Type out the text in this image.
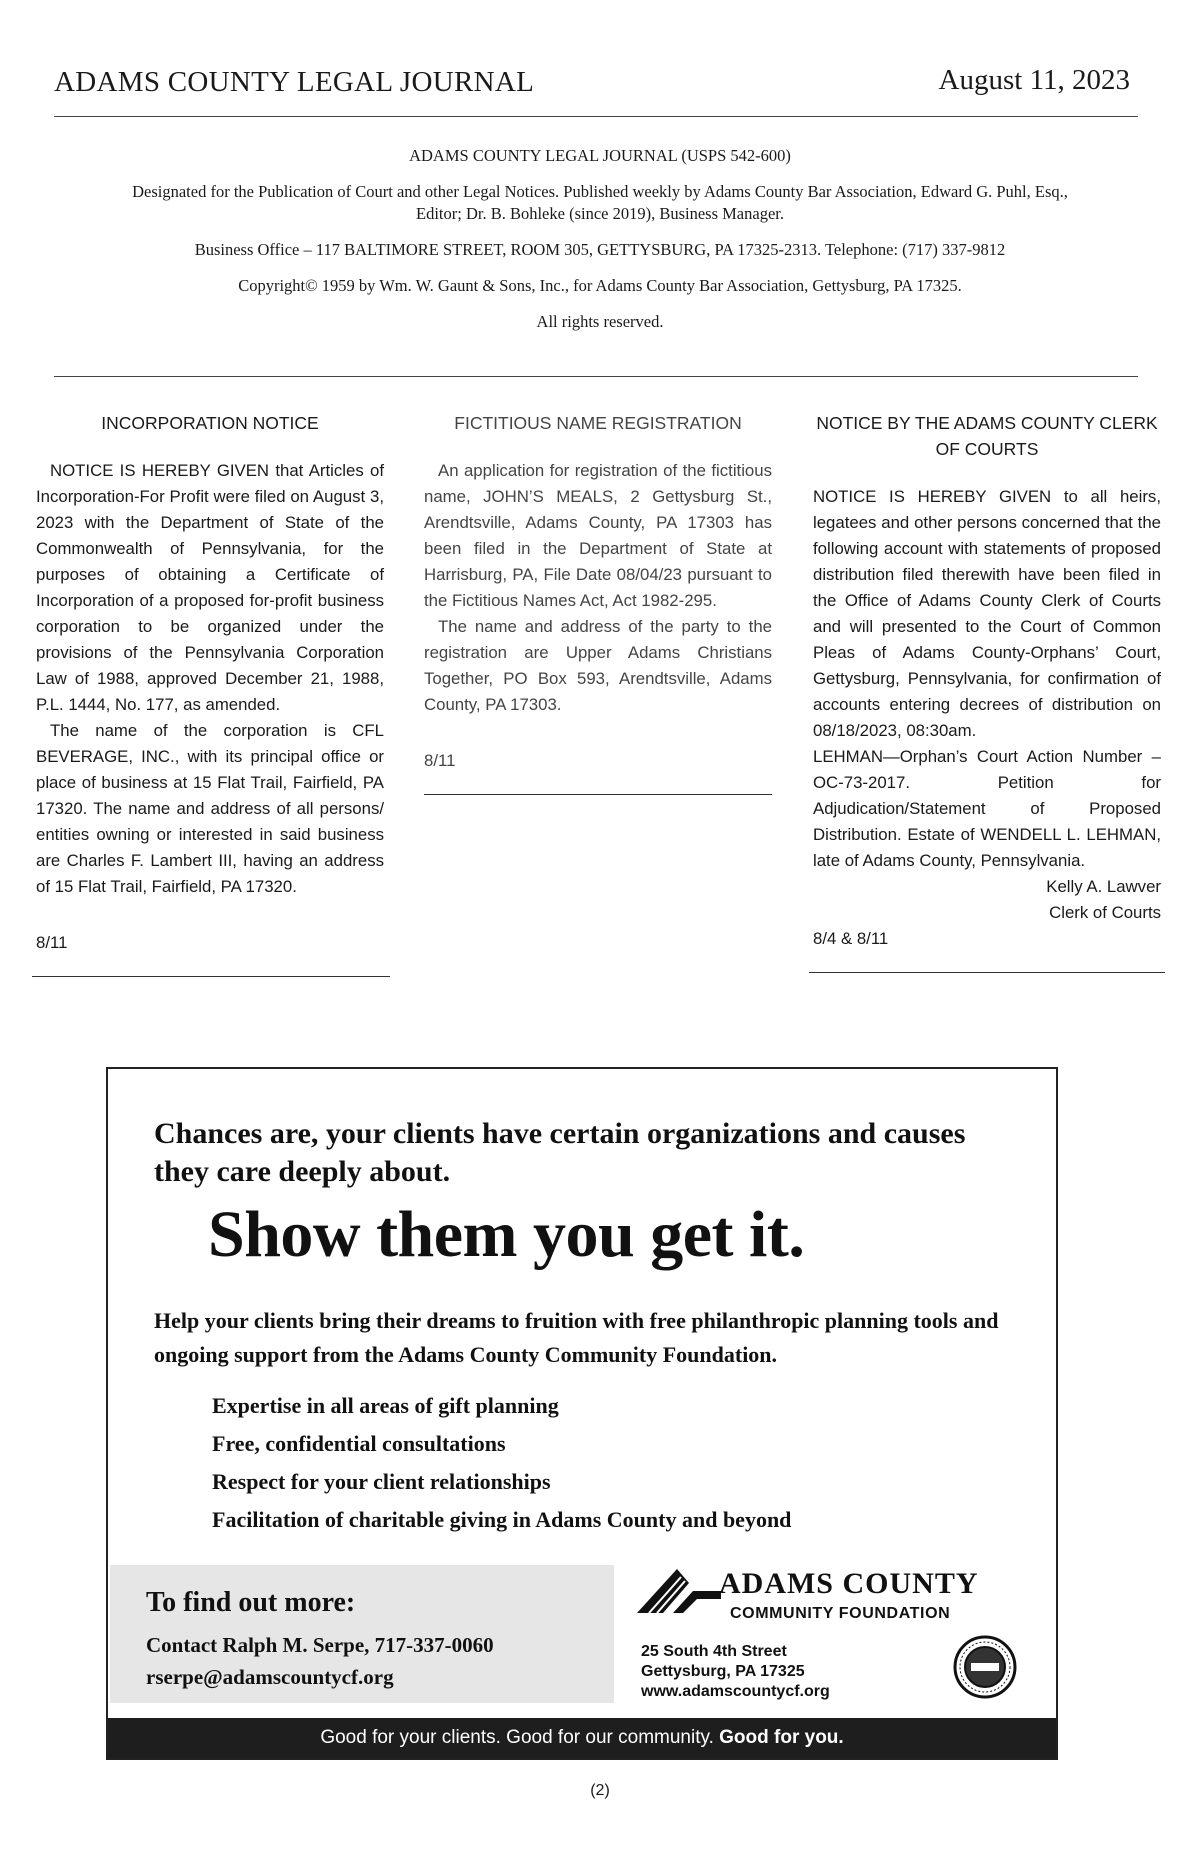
ADAMS COUNTY LEGAL JOURNAL	August 11, 2023

ADAMS COUNTY LEGAL JOURNAL (USPS 542-600)

Designated for the Publication of Court and other Legal Notices. Published weekly by Adams County Bar Association, Edward G. Puhl, Esq., Editor; Dr. B. Bohleke (since 2019), Business Manager.

Business Office – 117 BALTIMORE STREET, ROOM 305, GETTYSBURG, PA 17325-2313. Telephone: (717) 337-9812

Copyright© 1959 by Wm. W. Gaunt & Sons, Inc., for Adams County Bar Association, Gettysburg, PA 17325.

All rights reserved.

INCORPORATION NOTICE

NOTICE IS HEREBY GIVEN that Articles of Incorporation-For Profit were filed on August 3, 2023 with the Department of State of the Commonwealth of Pennsylvania, for the purposes of obtaining a Certificate of Incorporation of a proposed for-profit business corporation to be organized under the provisions of the Pennsylvania Corporation Law of 1988, approved December 21, 1988, P.L. 1444, No. 177, as amended.

The name of the corporation is CFL BEVERAGE, INC., with its principal office or place of business at 15 Flat Trail, Fairfield, PA 17320. The name and address of all persons/ entities owning or interested in said business are Charles F. Lambert III, having an address of 15 Flat Trail, Fairfield, PA 17320.

8/11

FICTITIOUS NAME REGISTRATION

An application for registration of the fictitious name, JOHN’S MEALS, 2 Gettysburg St., Arendtsville, Adams County, PA 17303 has been filed in the Department of State at Harrisburg, PA, File Date 08/04/23 pursuant to the Fictitious Names Act, Act 1982-295.

The name and address of the party to the registration are Upper Adams Christians Together, PO Box 593, Arendtsville, Adams County, PA 17303.

8/11

NOTICE BY THE ADAMS COUNTY CLERK OF COURTS

NOTICE IS HEREBY GIVEN to all heirs, legatees and other persons concerned that the following account with statements of proposed distribution filed therewith have been filed in the Office of Adams County Clerk of Courts and will presented to the Court of Common Pleas of Adams County-Orphans’ Court, Gettysburg, Pennsylvania, for confirmation of accounts entering decrees of distribution on 08/18/2023, 08:30am.

LEHMAN—Orphan’s Court Action Number – OC-73-2017. Petition for Adjudication/Statement of Proposed Distribution. Estate of WENDELL L. LEHMAN, late of Adams County, Pennsylvania.

Kelly A. Lawver

Clerk of Courts

8/4 & 8/11

Chances are, your clients have certain organizations and causes they care deeply about.
Show them you get it.
Help your clients bring their dreams to fruition with free philanthropic planning tools and ongoing support from the Adams County Community Foundation.
Expertise in all areas of gift planning
Free, confidential consultations
Respect for your client relationships
Facilitation of charitable giving in Adams County and beyond
To find out more:
Contact Ralph M. Serpe, 717-337-0060
rserpe@adamscountycf.org
ADAMS COUNTY
COMMUNITY FOUNDATION
25 South 4th Street
Gettysburg, PA 17325
www.adamscountycf.org
Good for your clients. Good for our community. Good for you.
(2)
